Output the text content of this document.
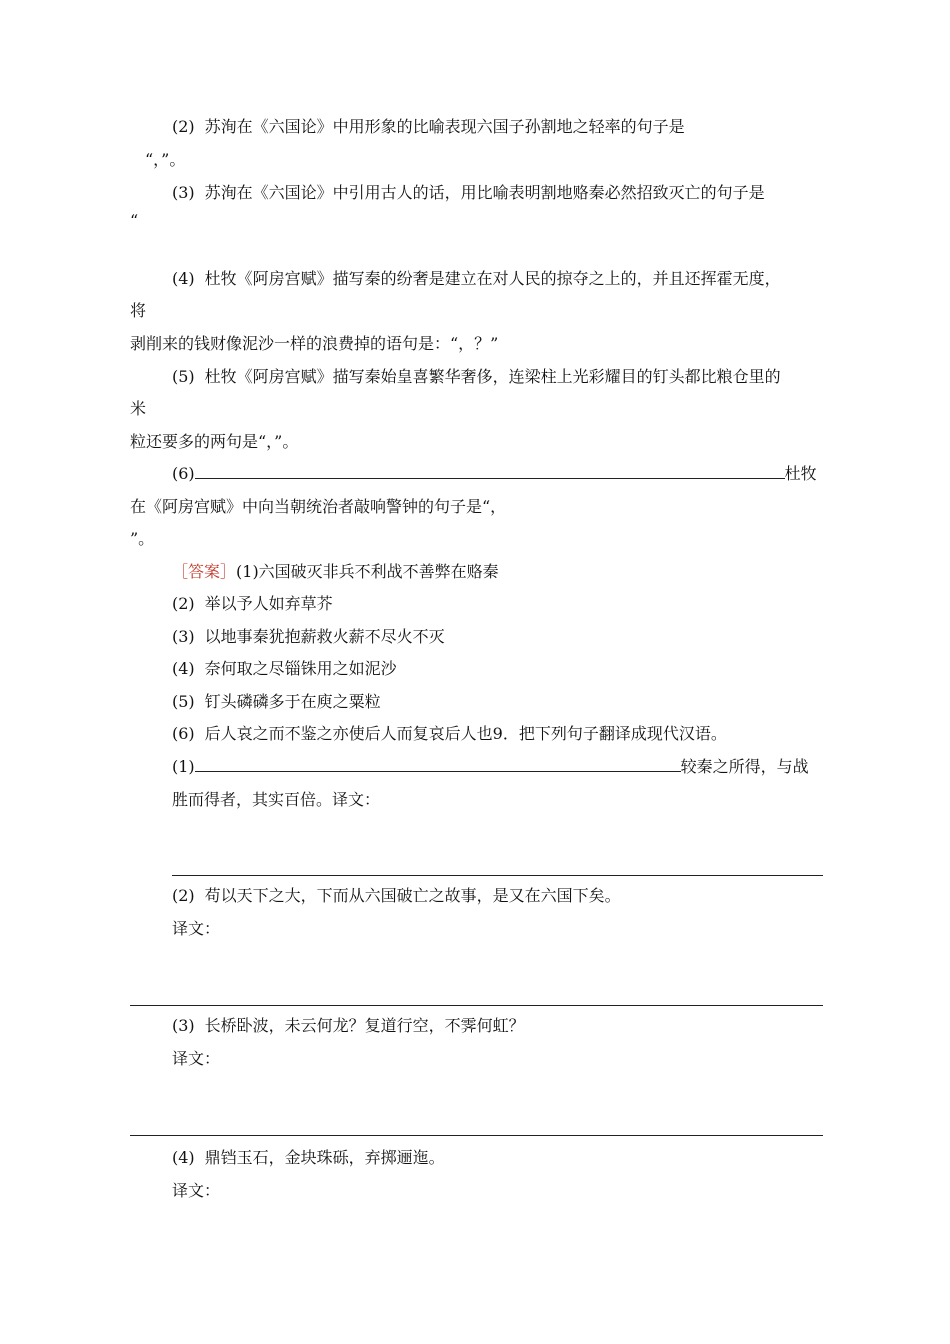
(2) 苏洵在《六国论》中用形象的比喻表现六国子孙割地之轻率的句子是
“，”。
(3) 苏洵在《六国论》中引用古人的话，用比喻表明割地赂秦必然招致灭亡的句子是
“
(4) 杜牧《阿房宫赋》描写秦的纷奢是建立在对人民的掠夺之上的，并且还挥霍无度，
将
剥削来的钱财像泥沙一样的浪费掉的语句是：“，？”
(5) 杜牧《阿房宫赋》描写秦始皇喜繁华奢侈，连梁柱上光彩耀目的钉头都比粮仓里的
米
粒还要多的两句是“，”。
(6)	杜牧
在《阿房宫赋》中向当朝统治者敲响警钟的句子是“，
”。
［答案］(1)六国破灭非兵不利战不善弊在赂秦
(2) 举以予人如弃草芥
(3) 以地事秦犹抱薪救火薪不尽火不灭
(4) 奈何取之尽锱铢用之如泥沙
(5) 钉头磷磷多于在庾之粟粒
(6) 后人哀之而不鉴之亦使后人而复哀后人也9．把下列句子翻译成现代汉语。
(1)	较秦之所得，与战
胜而得者，其实百倍。译文：
(2) 苟以天下之大，下而从六国破亡之故事，是又在六国下矣。
译文：
(3) 长桥卧波，未云何龙？复道行空，不霁何虹？
译文：
(4) 鼎铛玉石，金块珠砾，弃掷逦迤。
译文：
